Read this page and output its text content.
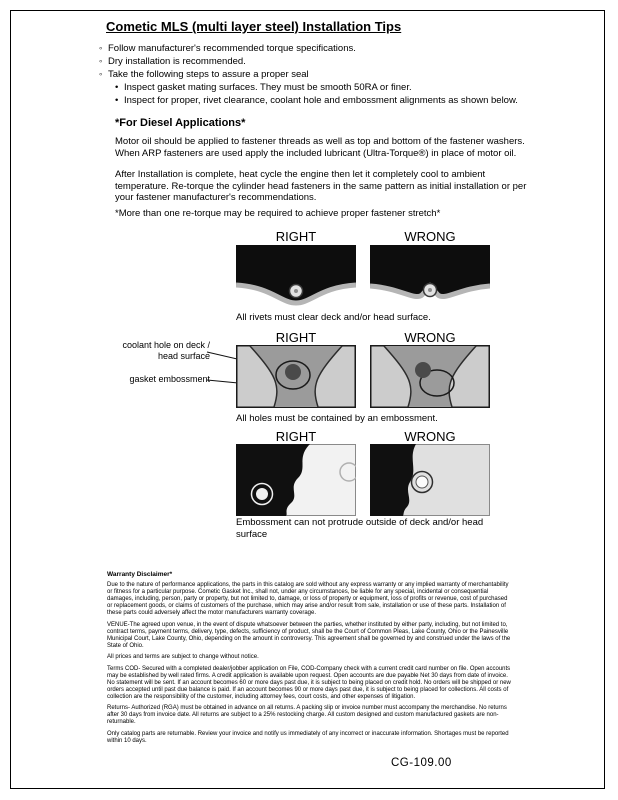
Cometic MLS (multi layer steel) Installation Tips
◦
Follow manufacturer's recommended torque specifications.
◦
Dry installation is recommended.
◦
Take the following steps to assure a proper seal
•
Inspect gasket mating surfaces. They must be smooth 50RA or finer.
•
Inspect for proper, rivet clearance, coolant hole and embossment alignments as shown below.
*For Diesel Applications*
Motor oil should be applied to fastener threads as well as top and bottom of the fastener washers. When ARP fasteners are used apply the included lubricant (Ultra-Torque®) in place of motor oil.
After Installation is complete, heat cycle the engine then let it completely cool to ambient temperature. Re-torque the cylinder head fasteners in the same pattern as initial installation or per your fastener manufacturer's recommendations.
*More than one re-torque may be required to achieve proper fastener stretch*
RIGHT	WRONG
All rivets must clear deck and/or head surface.
RIGHT	WRONG
coolant hole on deck / head surface
gasket embossment
All holes must be contained by an embossment.
RIGHT	WRONG
Embossment can not protrude outside of deck and/or head surface
Warranty Disclaimer*

Due to the nature of performance applications, the parts in this catalog are sold without any express warranty or any implied warranty of merchantability or fitness for a particular purpose. Cometic Gasket Inc., shall not, under any circumstances, be liable for any special, incidental or consequential damages, including, person, party or property, but not limited to, damage, or loss of property or equipment, loss of profits or revenue, cost of purchased or replacement goods, or claims of customers of the purchase, which may arise and/or result from sale, installation or use of these parts. Installation of these parts could adversely affect the motor manufacturers warranty coverage.

VENUE-The agreed upon venue, in the event of dispute whatsoever between the parties, whether instituted by either party, including, but not limited to, contract terms, payment terms, delivery, type, defects, sufficiency of product, shall be the Court of Common Pleas, Lake County, Ohio or the Painesville Municipal Court, Lake County, Ohio, depending on the amount in controversy. This agreement shall be governed by and construed under the laws of the State of Ohio.

All prices and terms are subject to change without notice.

Terms COD- Secured with a completed dealer/jobber application on File, COD-Company check with a current credit card number on file. Open accounts may be established by well rated firms. A credit application is available upon request. Open accounts are due payable Net 30 days from date of invoice. No statement will be sent. If an account becomes 60 or more days past due, it is subject to being placed on credit hold. No orders will be shipped or new orders accepted until past due balance is paid. If an account becomes 90 or more days past due, it is subject to being placed for collections. All costs of collection are the responsibility of the customer, including attorney fees, court costs, and other expenses of litigation.

Returns- Authorized (RGA) must be obtained in advance on all returns. A packing slip or invoice number must accompany the merchandise. No returns after 30 days from invoice date. All returns are subject to a 25% restocking charge. All custom designed and custom manufactured gaskets are non-returnable.

Only catalog parts are returnable. Review your invoice and notify us immediately of any incorrect or inaccurate information. Shortages must be reported within 10 days.

CG-109.00
